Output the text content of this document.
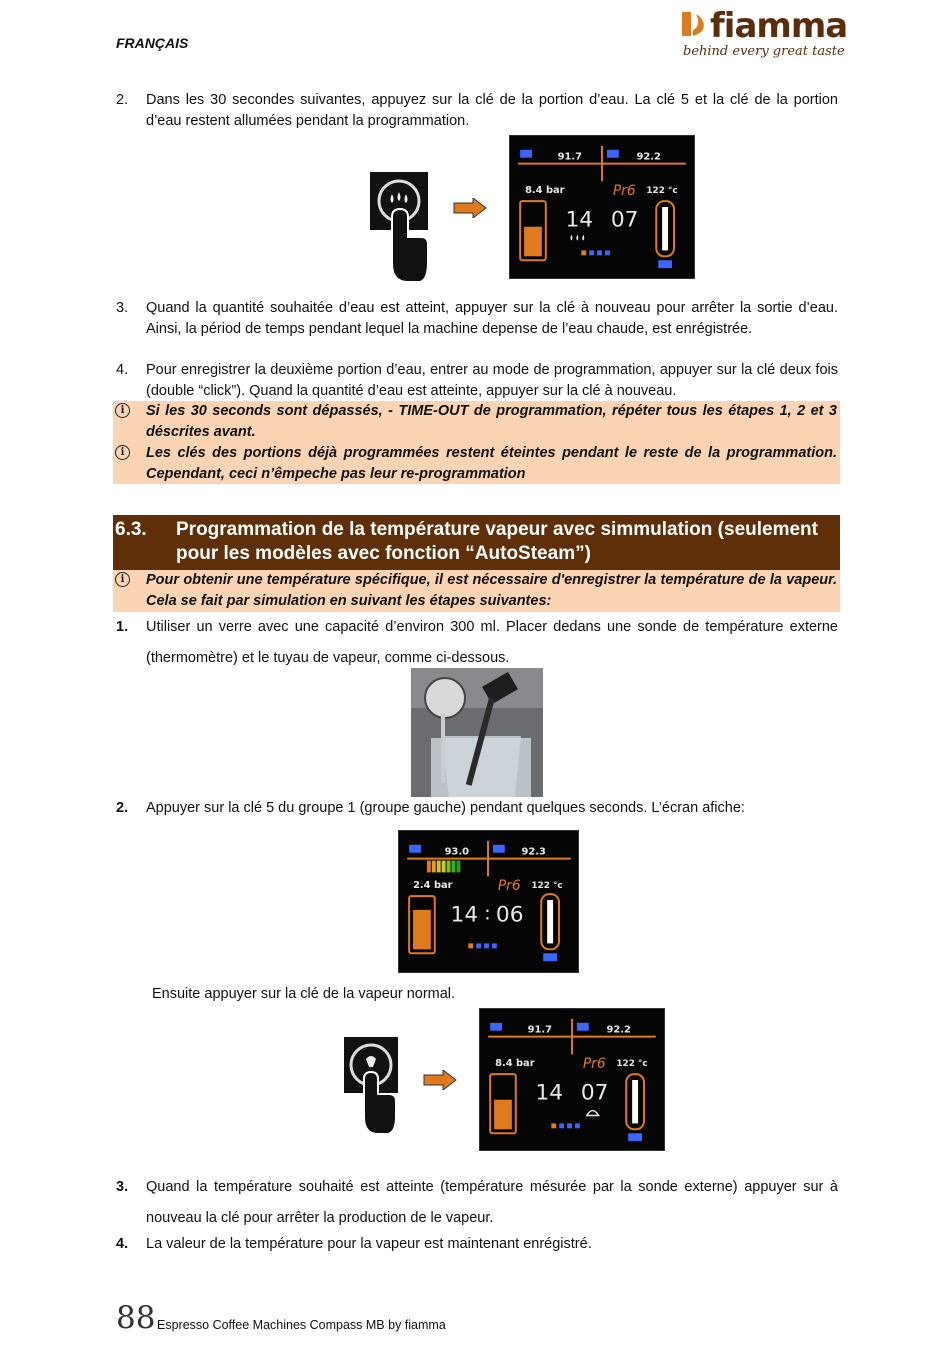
FRANÇAIS	fiamma
behind every great taste
2.	Dans les 30 secondes suivantes, appuyez sur la clé de la portion d’eau. La clé 5 et la clé de la portion d’eau restent allumées pendant la programmation.
91.7	92.2
8.4 bar	Pr6 122 °c
14 07
3.	Quand la quantité souhaitée d’eau est atteint, appuyer sur la clé à nouveau pour arrêter la sortie d’eau. Ainsi, la périod de temps pendant lequel la machine depense de l’eau chaude, est enrégistrée.
4.	Pour enregistrer la deuxième portion d’eau, entrer au mode de programmation, appuyer sur la clé deux fois (double “click”). Quand la quantité d’eau est atteinte, appuyer sur la clé à nouveau.
i	Si les 30 seconds sont dépassés, - TIME-OUT de programmation, répéter tous les étapes 1, 2 et 3 déscrites avant.
i	Les clés des portions déjà programmées restent éteintes pendant le reste de la programmation. Cependant, ceci n’êmpeche pas leur re-programmation
6.3. Programmation de la température vapeur avec simmulation (seulement pour les modèles avec fonction “AutoSteam”)
i	Pour obtenir une température spécifique, il est nécessaire d'enregistrer la température de la vapeur. Cela se fait par simulation en suivant les étapes suivantes:
1.	Utiliser un verre avec une capacité d’environ 300 ml. Placer dedans une sonde de température externe (thermomètre) et le tuyau de vapeur, comme ci-dessous.
2.	Appuyer sur la clé 5 du groupe 1 (groupe gauche) pendant quelques seconds. L’écran afiche:
93.0	92.3
2.4 bar	Pr6 122 °c
14 : 06
Ensuite appuyer sur la clé de la vapeur normal.
91.7	92.2
8.4 bar	Pr6 122 °c
14 07
3.	Quand la température souhaité est atteinte (température mésurée par la sonde externe) appuyer sur à nouveau la clé pour arrêter la production de le vapeur.
4.	La valeur de la température pour la vapeur est maintenant enrégistré.
88 Espresso Coffee Machines Compass MB by fiamma
